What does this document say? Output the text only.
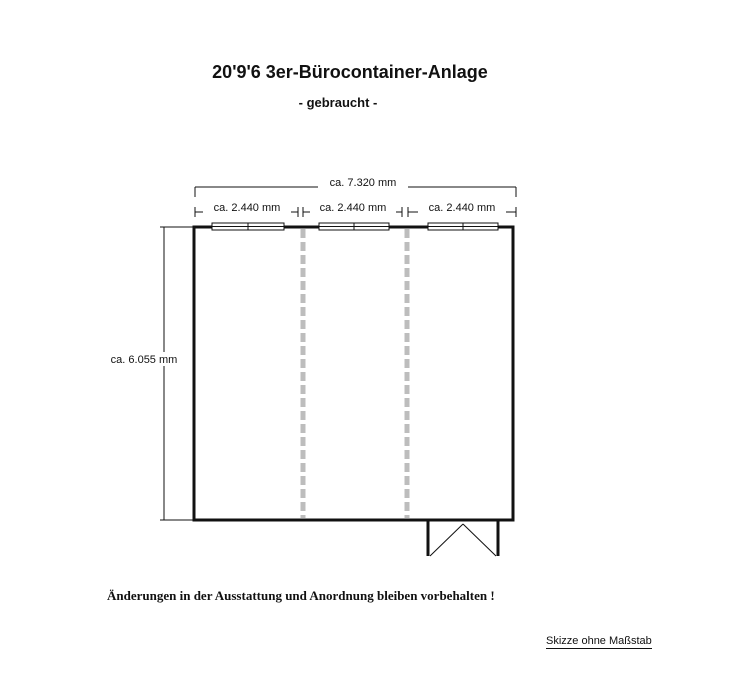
20'9'6 3er-Bürocontainer-Anlage
- gebraucht -
ca. 7.320 mm
ca. 2.440 mm	ca. 2.440 mm	ca. 2.440 mm
ca. 6.055 mm
Änderungen in der Ausstattung und Anordnung bleiben vorbehalten !
Skizze ohne Maßstab
